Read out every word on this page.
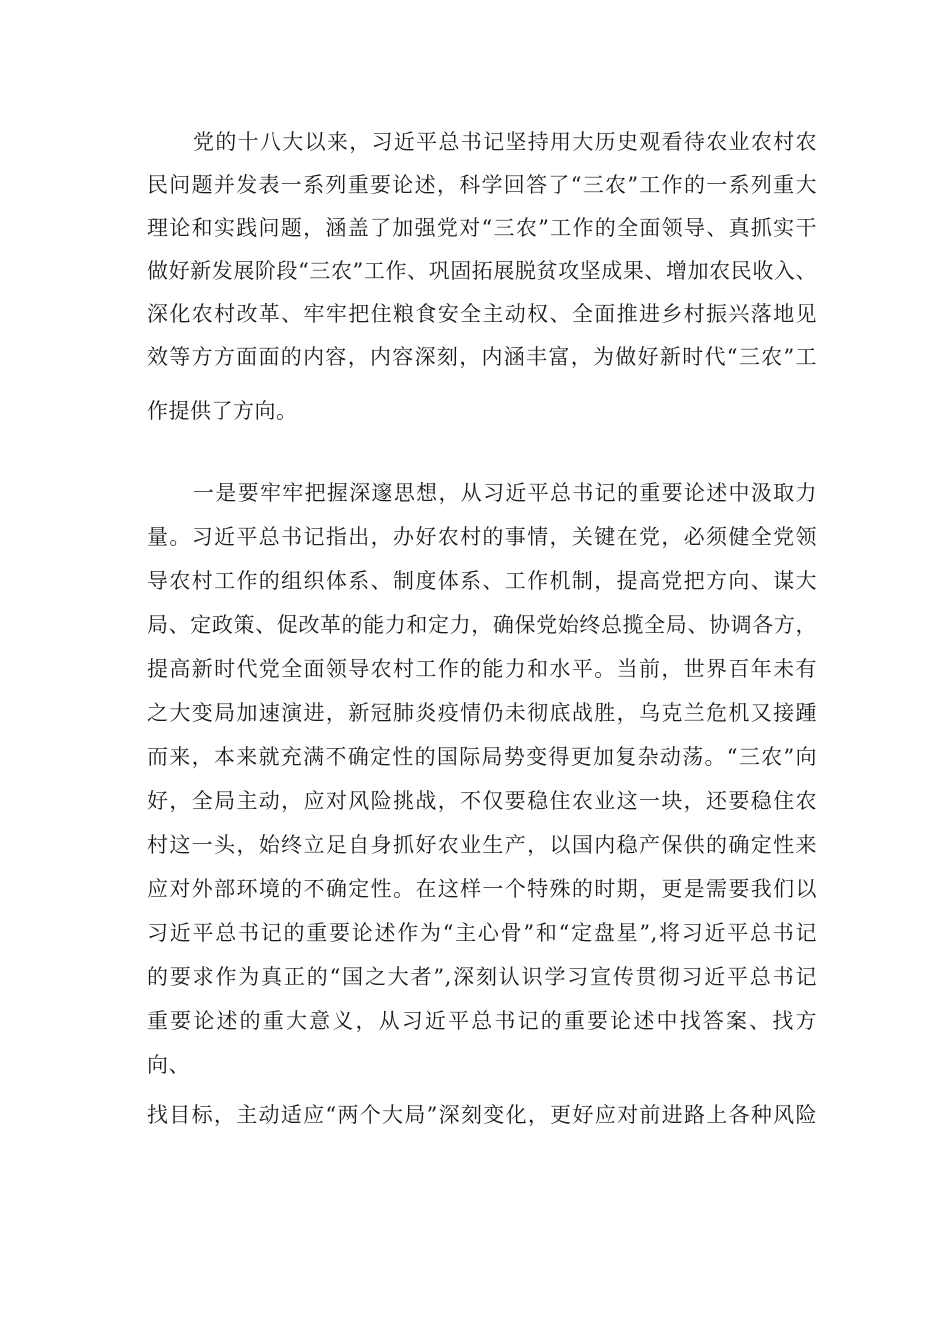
党的十八大以来，习近平总书记坚持用大历史观看待农业农村农
民问题并发表一系列重要论述，科学回答了“三农”工作的一系列重大
理论和实践问题，涵盖了加强党对“三农”工作的全面领导、真抓实干
做好新发展阶段“三农”工作、巩固拓展脱贫攻坚成果、增加农民收入、
深化农村改革、牢牢把住粮食安全主动权、全面推进乡村振兴落地见
效等方方面面的内容，内容深刻，内涵丰富，为做好新时代“三农”工
作提供了方向。
一是要牢牢把握深邃思想，从习近平总书记的重要论述中汲取力
量。习近平总书记指出，办好农村的事情，关键在党，必须健全党领
导农村工作的组织体系、制度体系、工作机制，提高党把方向、谋大
局、定政策、促改革的能力和定力，确保党始终总揽全局、协调各方，
提高新时代党全面领导农村工作的能力和水平。当前，世界百年未有
之大变局加速演进，新冠肺炎疫情仍未彻底战胜，乌克兰危机又接踵
而来，本来就充满不确定性的国际局势变得更加复杂动荡。“三农”向
好，全局主动，应对风险挑战，不仅要稳住农业这一块，还要稳住农
村这一头，始终立足自身抓好农业生产，以国内稳产保供的确定性来
应对外部环境的不确定性。在这样一个特殊的时期，更是需要我们以
习近平总书记的重要论述作为“主心骨”和“定盘星”,将习近平总书记
的要求作为真正的“国之大者”,深刻认识学习宣传贯彻习近平总书记
重要论述的重大意义，从习近平总书记的重要论述中找答案、找方
向、
找目标，主动适应“两个大局”深刻变化，更好应对前进路上各种风险
